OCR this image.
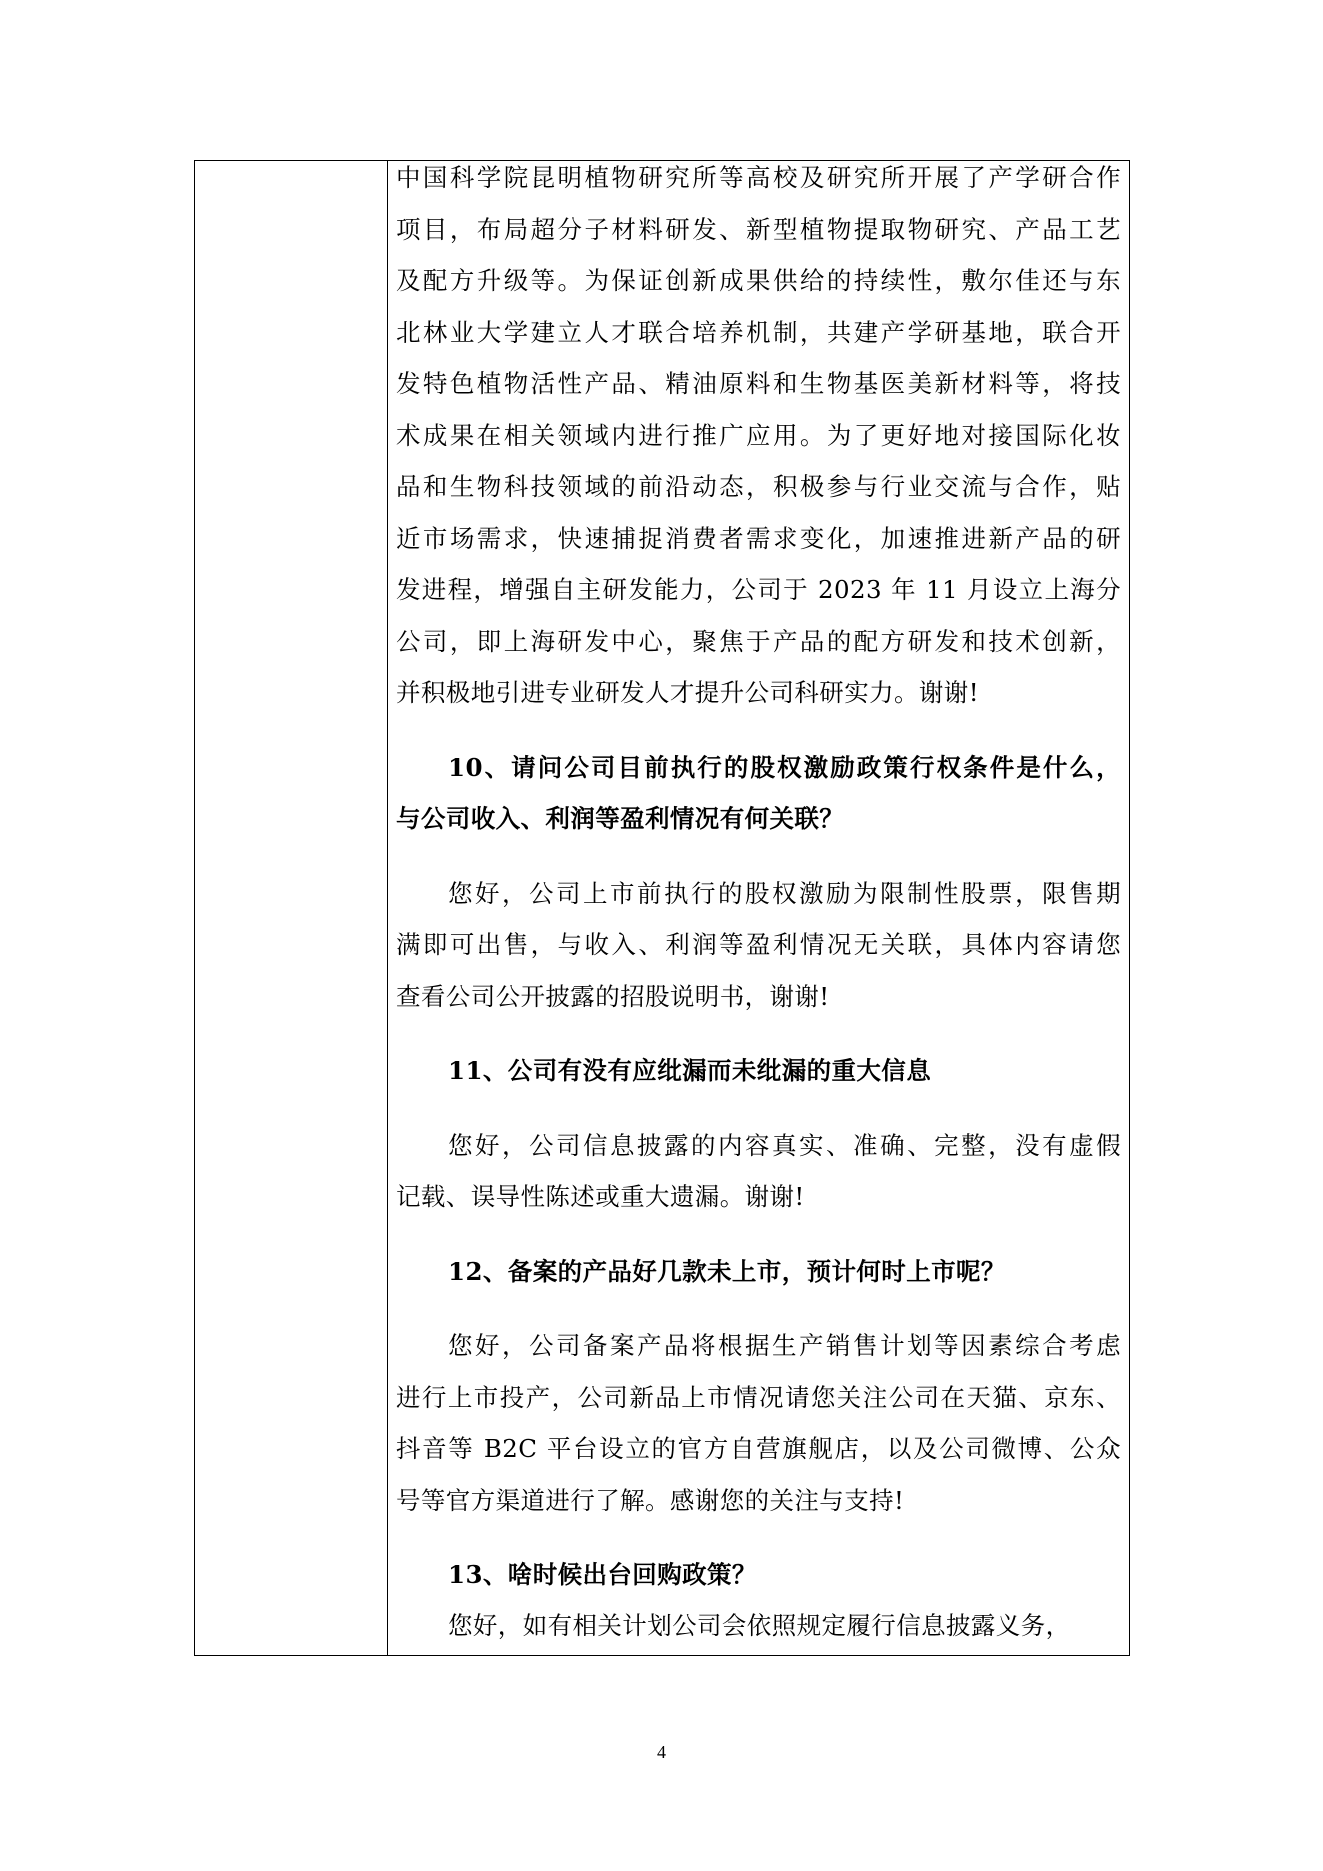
中国科学院昆明植物研究所等高校及研究所开展了产学研合作
项目，布局超分子材料研发、新型植物提取物研究、产品工艺
及配方升级等。为保证创新成果供给的持续性，敷尔佳还与东
北林业大学建立人才联合培养机制，共建产学研基地，联合开
发特色植物活性产品、精油原料和生物基医美新材料等，将技
术成果在相关领域内进行推广应用。为了更好地对接国际化妆
品和生物科技领域的前沿动态，积极参与行业交流与合作，贴
近市场需求，快速捕捉消费者需求变化，加速推进新产品的研
发进程，增强自主研发能力，公司于 2023 年 11 月设立上海分
公司，即上海研发中心，聚焦于产品的配方研发和技术创新，
并积极地引进专业研发人才提升公司科研实力。谢谢!
10、请问公司目前执行的股权激励政策行权条件是什么，
与公司收入、利润等盈利情况有何关联？
您好，公司上市前执行的股权激励为限制性股票，限售期
满即可出售，与收入、利润等盈利情况无关联，具体内容请您
查看公司公开披露的招股说明书，谢谢!
11、公司有没有应纰漏而未纰漏的重大信息
您好，公司信息披露的内容真实、准确、完整，没有虚假
记载、误导性陈述或重大遗漏。谢谢!
12、备案的产品好几款未上市，预计何时上市呢？
您好，公司备案产品将根据生产销售计划等因素综合考虑
进行上市投产，公司新品上市情况请您关注公司在天猫、京东、
抖音等 B2C 平台设立的官方自营旗舰店，以及公司微博、公众
号等官方渠道进行了解。感谢您的关注与支持!
13、啥时候出台回购政策？
您好，如有相关计划公司会依照规定履行信息披露义务，
4
